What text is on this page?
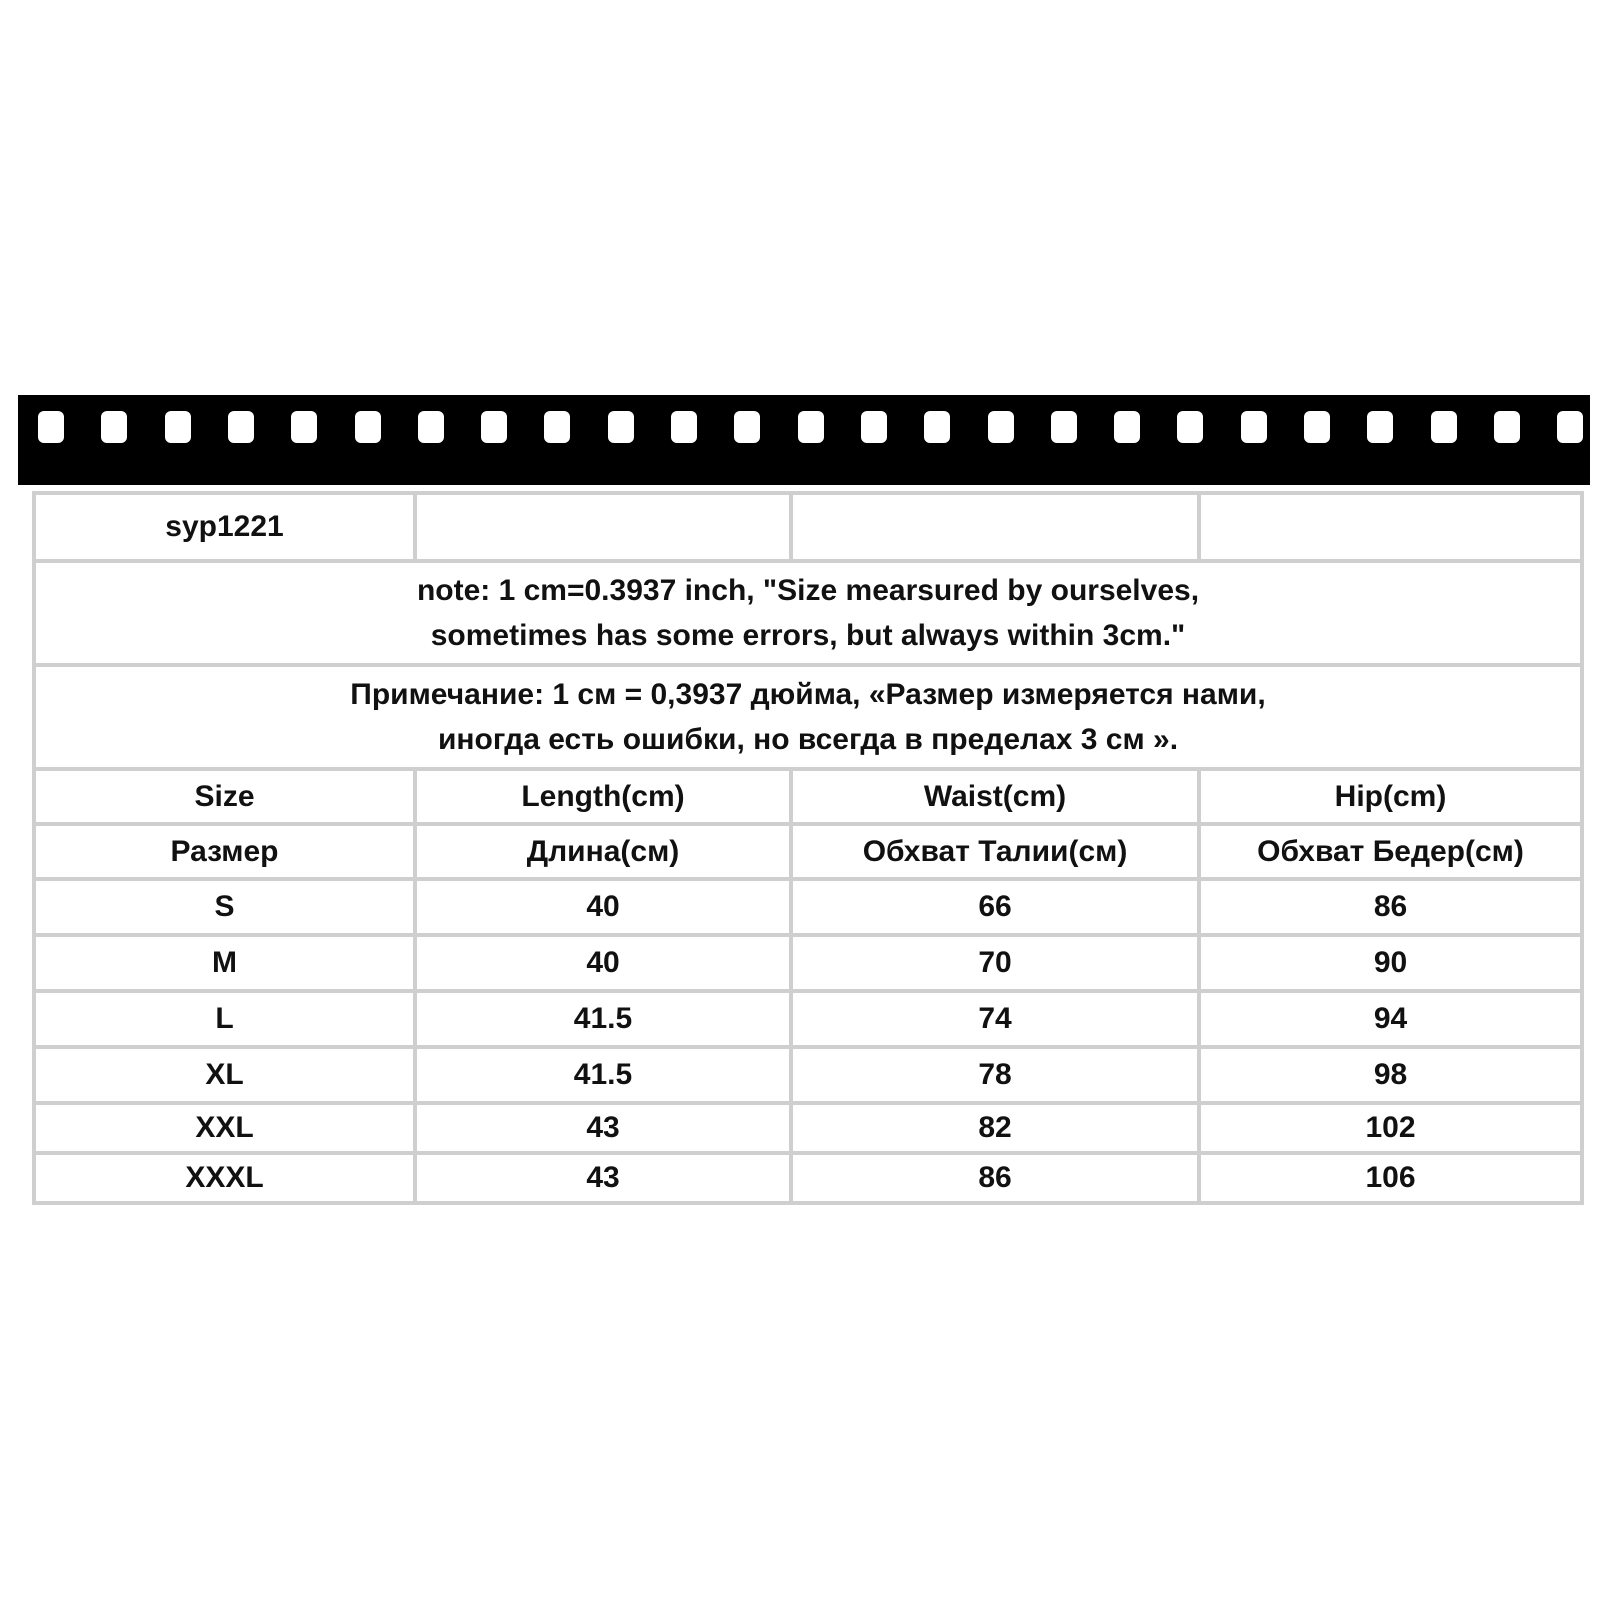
syp1221			

note: 1 cm=0.3937 inch, "Size mearsured by ourselves,
sometimes has some errors, but always within 3cm."			

Примечание: 1 см = 0,3937 дюйма, «Размер измеряется нами,
иногда есть ошибки, но всегда в пределах 3 см ».			

Size	Length(cm)	Waist(cm)	Hip(cm)
Размер	Длина(см)	Обхват Талии(см)	Обхват Бедер(см)
S	40	66	86
M	40	70	90
L	41.5	74	94
XL	41.5	78	98
XXL	43	82	102
XXXL	43	86	106
